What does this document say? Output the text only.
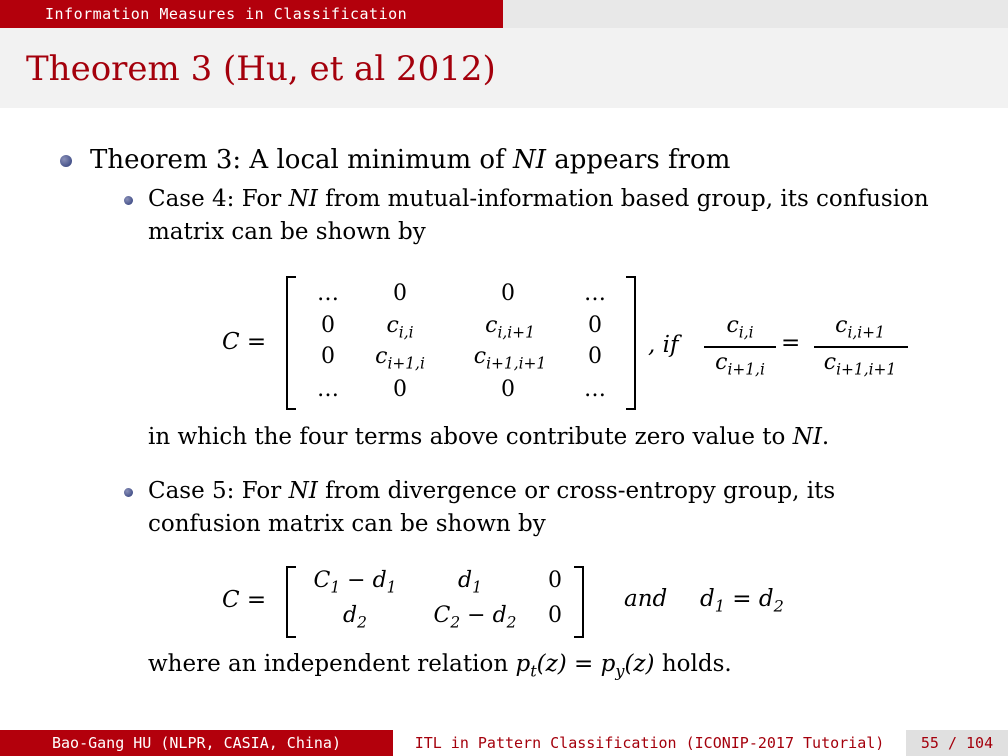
Information Measures in Classification
Theorem 3 (Hu, et al 2012)
Theorem 3: A local minimum of NI appears from
Case 4: For NI from mutual-information based group, its confusion
matrix can be shown by
C =
…	0	0	…
0	$c_{i,i}$	$c_{i,i+1}$	0
0	$c_{i+1,i}$	$c_{i+1,i+1}$	0
…	0	0	…
, if
$c_{i,i}$
$c_{i+1,i}$
=
$c_{i,i+1}$
$c_{i+1,i+1}$
in which the four terms above contribute zero value to NI.
Case 5: For NI from divergence or cross-entropy group, its
confusion matrix can be shown by
C =
$C_1 - d_1$	$d_1$	0
$d_2$	$C_2 - d_2$	0
and $d_1 = d_2$
where an independent relation $p_t(z) = p_y(z)$ holds.
Bao-Gang HU (NLPR, CASIA, China)	ITL in Pattern Classification (ICONIP-2017 Tutorial)	55 / 104
